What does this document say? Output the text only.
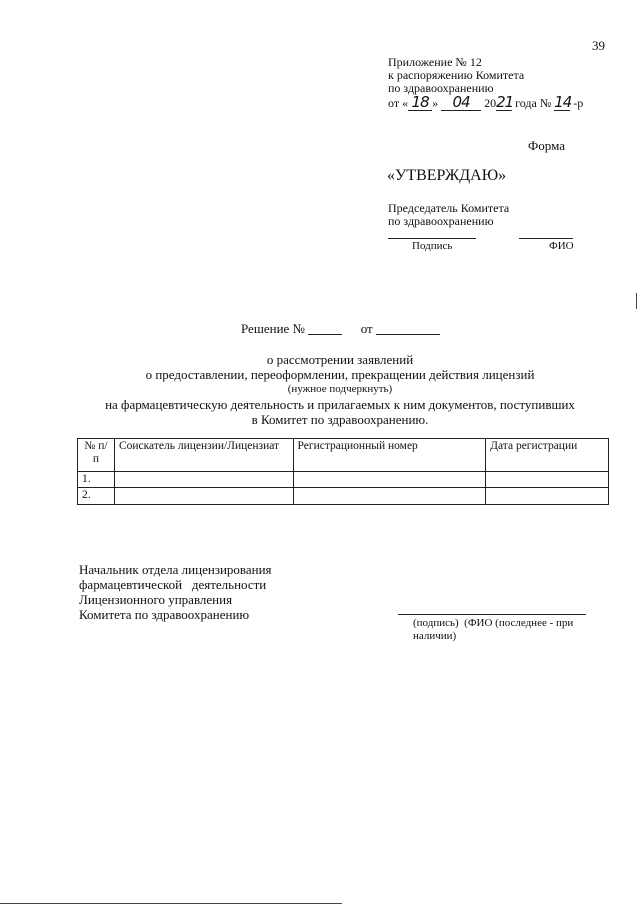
39
Приложение № 12
к распоряжению Комитета
по здравоохранению
от « 18 » 04 2021 года № 14 -р
Форма
«УТВЕРЖДАЮ»
Председатель Комитета
по здравоохранению
Подпись	ФИО
Решение №	от
о рассмотрении заявлений
о предоставлении, переоформлении, прекращении действия лицензий
(нужное подчеркнуть)
на фармацевтическую деятельность и прилагаемых к ним документов, поступивших
в Комитет по здравоохранению.
№ п/п	Соискатель лицензии/Лицензиат	Регистрационный номер	Дата регистрации
1.			
2.			
Начальник отдела лицензирования
фармацевтической   деятельности
Лицензионного управления
Комитета по здравоохранению
(подпись)  (ФИО (последнее - при
наличии)
